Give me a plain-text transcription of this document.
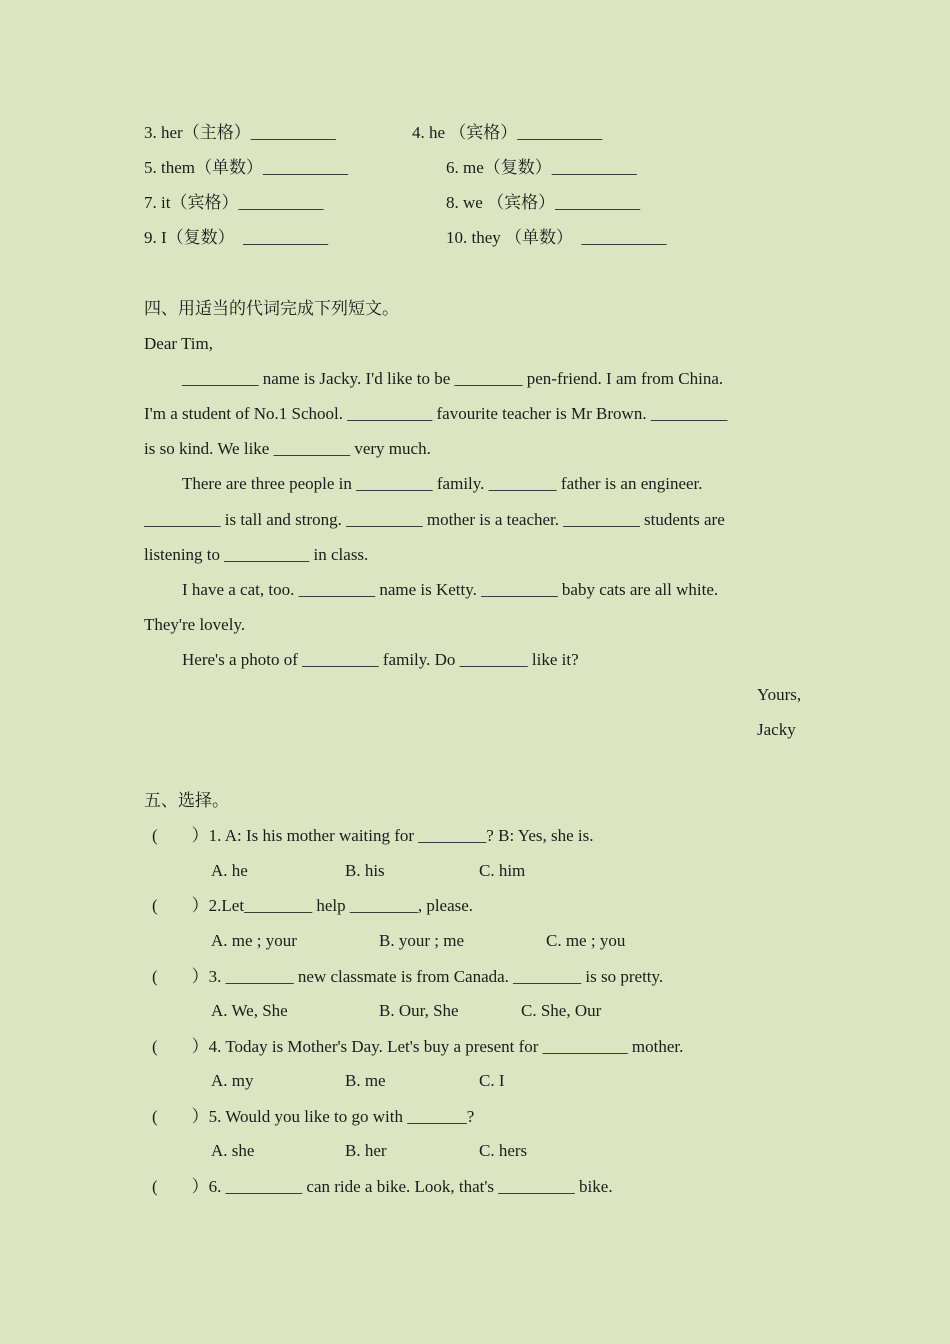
3. her（主格）__________	4. he （宾格）__________
5. them（单数）__________	6. me（复数）__________
7. it（宾格）__________	8. we （宾格）__________
9. I（复数）  __________	10. they （单数）  __________
四、用适当的代词完成下列短文。
Dear Tim,
_________ name is Jacky. I'd like to be ________ pen-friend. I am from China.
I'm a student of No.1 School. __________ favourite teacher is Mr Brown. _________
is so kind. We like _________ very much.
There are three people in _________ family. ________ father is an engineer.
_________ is tall and strong. _________ mother is a teacher. _________ students are
listening to __________ in class.
I have a cat, too. _________ name is Ketty. _________ baby cats are all white.
They're lovely.
Here's a photo of _________ family. Do ________ like it?
Yours,
Jacky
五、选择。
(        ）1. A: Is his mother waiting for ________? B: Yes, she is.
A. he	B. his	C. him
(        ）2.Let________ help ________, please.
A. me ; your	B. your ; me	C. me ; you
(        ）3. ________ new classmate is from Canada. ________ is so pretty.
A. We, She	B. Our, She	C. She, Our
(        ）4. Today is Mother's Day. Let's buy a present for __________ mother.
A. my	B. me	C. I
(        ）5. Would you like to go with _______?
A. she	B. her	C. hers
(        ）6. _________ can ride a bike. Look, that's _________ bike.
